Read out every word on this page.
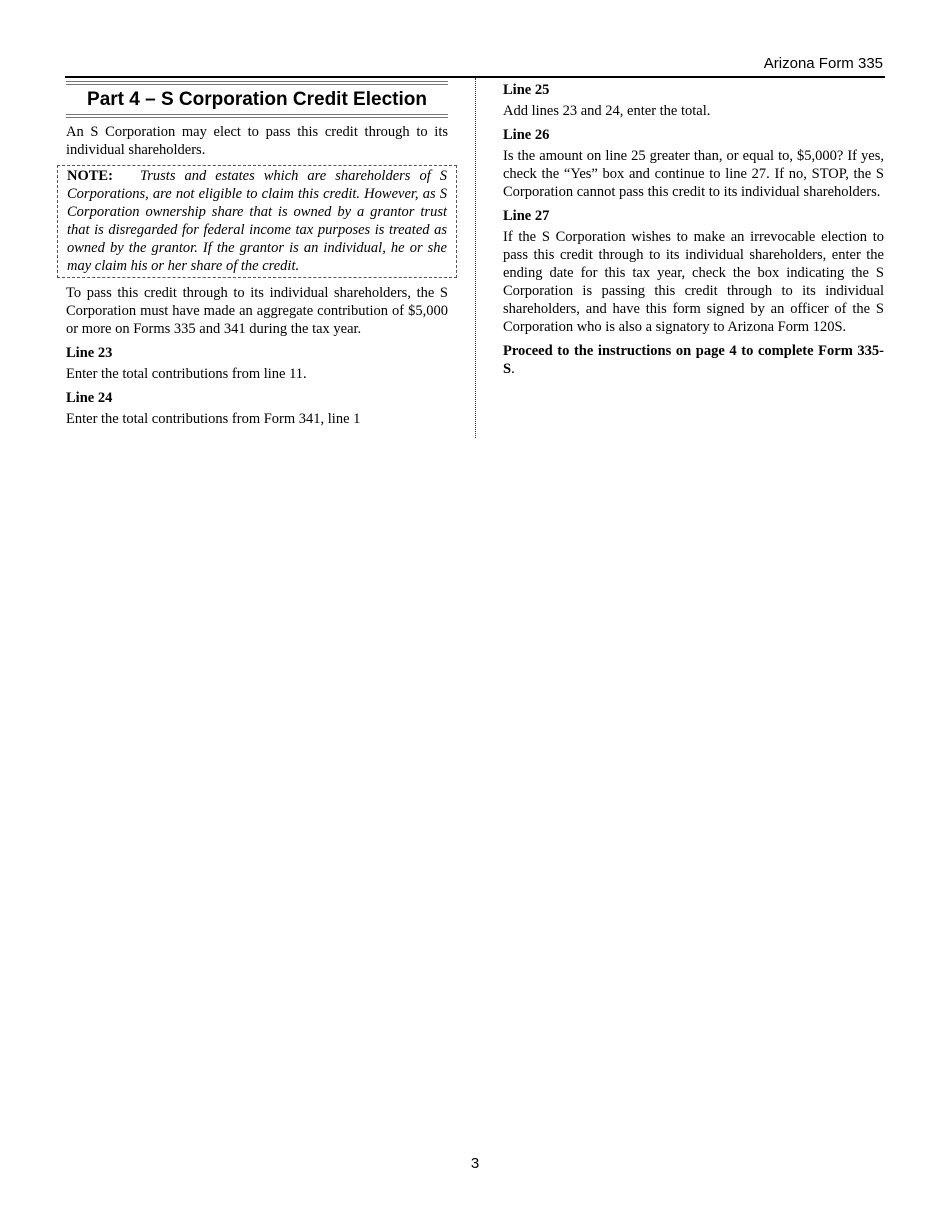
Arizona Form 335
Part 4 – S Corporation Credit Election

An S Corporation may elect to pass this credit through to its individual shareholders.

NOTE: Trusts and estates which are shareholders of S Corporations, are not eligible to claim this credit. However, as S Corporation ownership share that is owned by a grantor trust that is disregarded for federal income tax purposes is treated as owned by the grantor. If the grantor is an individual, he or she may claim his or her share of the credit.

To pass this credit through to its individual shareholders, the S Corporation must have made an aggregate contribution of $5,000 or more on Forms 335 and 341 during the tax year.

Line 23

Enter the total contributions from line 11.

Line 24

Enter the total contributions from Form 341, line 1

Line 25

Add lines 23 and 24, enter the total.

Line 26

Is the amount on line 25 greater than, or equal to, $5,000? If yes, check the “Yes” box and continue to line 27. If no, STOP, the S Corporation cannot pass this credit to its individual shareholders.

Line 27

If the S Corporation wishes to make an irrevocable election to pass this credit through to its individual shareholders, enter the ending date for this tax year, check the box indicating the S Corporation is passing this credit through to its individual shareholders, and have this form signed by an officer of the S Corporation who is also a signatory to Arizona Form 120S.

Proceed to the instructions on page 4 to complete Form 335-S.
3
